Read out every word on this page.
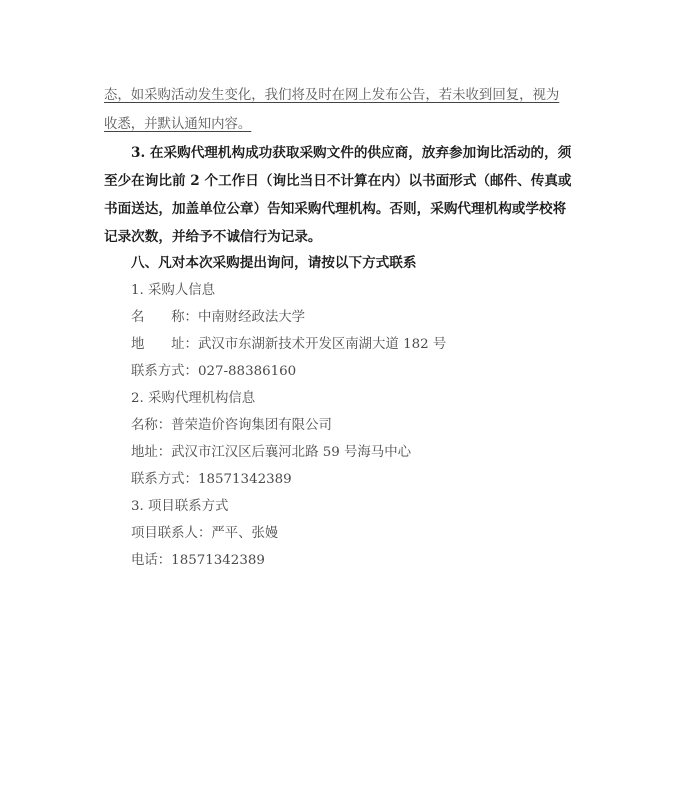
态，如采购活动发生变化，我们将及时在网上发布公告，若未收到回复，视为
收悉，并默认通知内容。
3. 在采购代理机构成功获取采购文件的供应商，放弃参加询比活动的，须
至少在询比前 2 个工作日（询比当日不计算在内）以书面形式（邮件、传真或
书面送达，加盖单位公章）告知采购代理机构。否则，采购代理机构或学校将
记录次数，并给予不诚信行为记录。
八、凡对本次采购提出询问，请按以下方式联系
1. 采购人信息
名　　称：中南财经政法大学
地　　址：武汉市东湖新技术开发区南湖大道 182 号
联系方式：027-88386160
2. 采购代理机构信息
名称：普荣造价咨询集团有限公司
地址：武汉市江汉区后襄河北路 59 号海马中心
联系方式：18571342389
3. 项目联系方式
项目联系人：严平、张嫚
电话：18571342389
